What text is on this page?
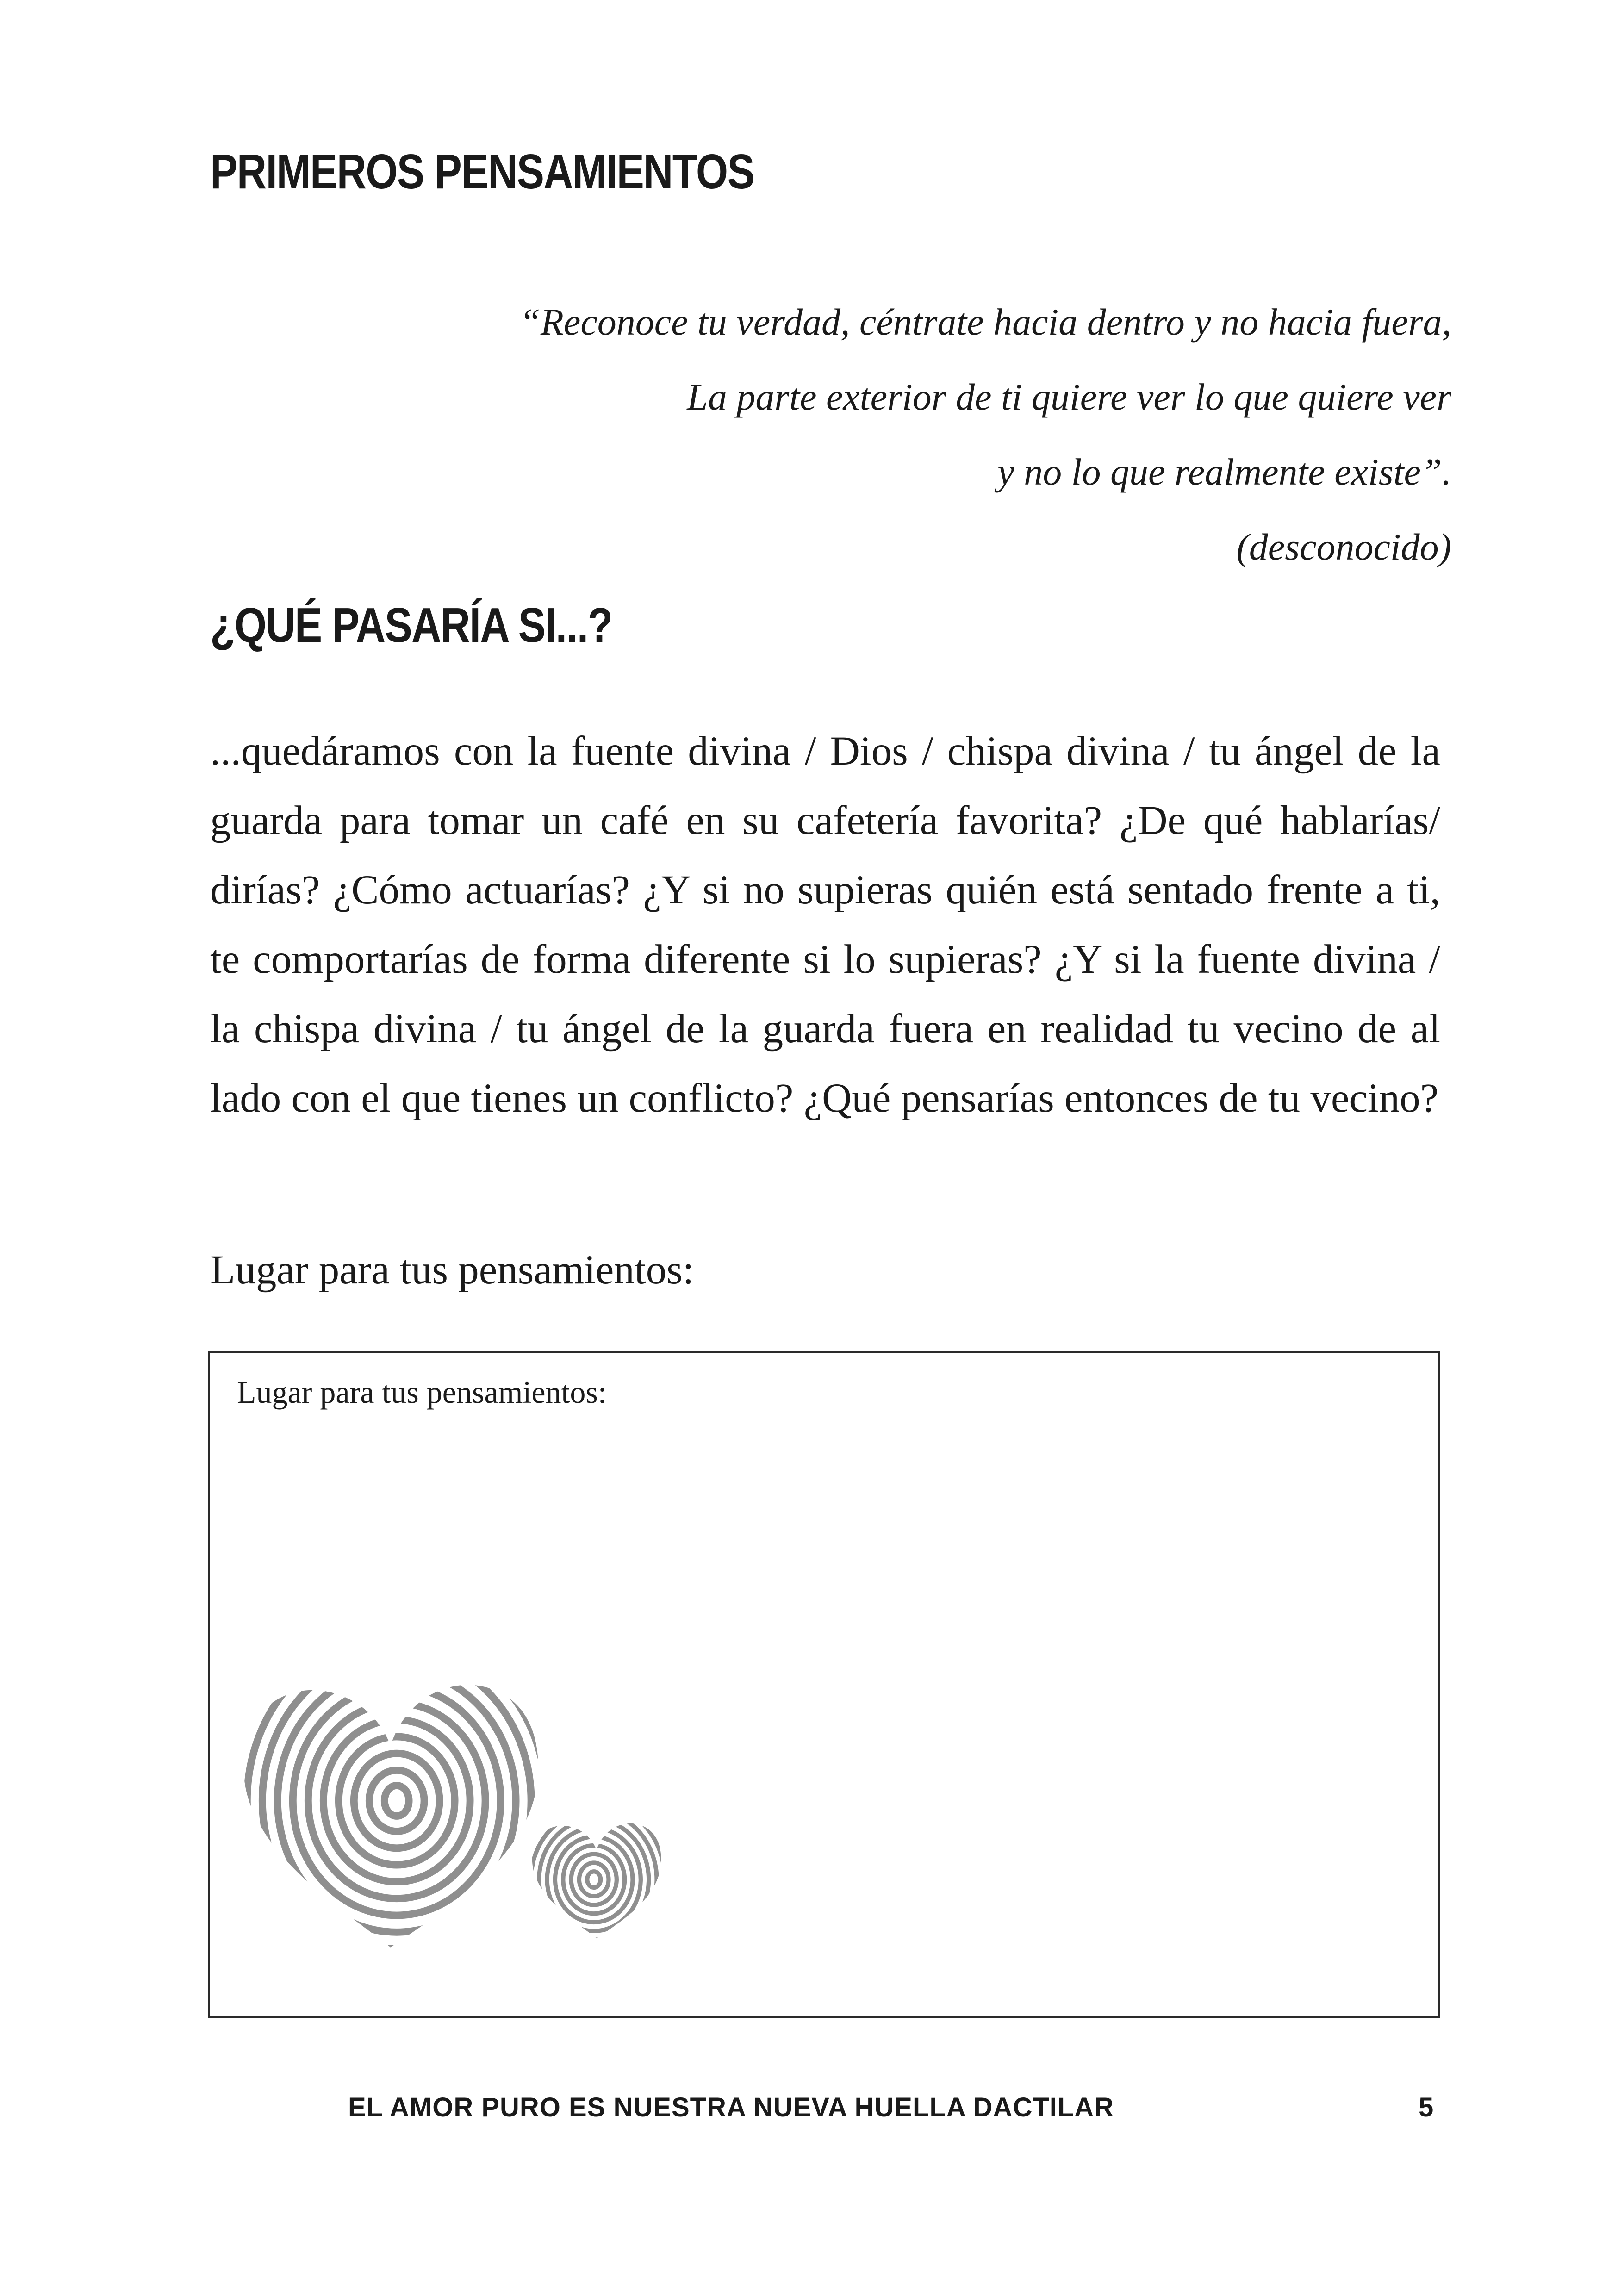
PRIMEROS PENSAMIENTOS
“Reconoce tu verdad, céntrate hacia dentro y no hacia fuera,
La parte exterior de ti quiere ver lo que quiere ver
y no lo que realmente existe”.
(desconocido)
¿QUÉ PASARÍA SI...?

...quedáramos con la fuente divina / Dios / chispa divina / tu ángel de la guarda para tomar un café en su cafetería favorita? ¿De qué hablarías/ dirías? ¿Cómo actuarías? ¿Y si no supieras quién está sentado frente a ti, te comportarías de forma diferente si lo supieras? ¿Y si la fuente divina / la chispa divina / tu ángel de la guarda fuera en realidad tu vecino de al lado con el que tienes un conflicto? ¿Qué pensarías entonces de tu vecino?

Lugar para tus pensamientos:

Lugar para tus pensamientos:
EL AMOR PURO ES NUESTRA NUEVA HUELLA DACTILAR	5
